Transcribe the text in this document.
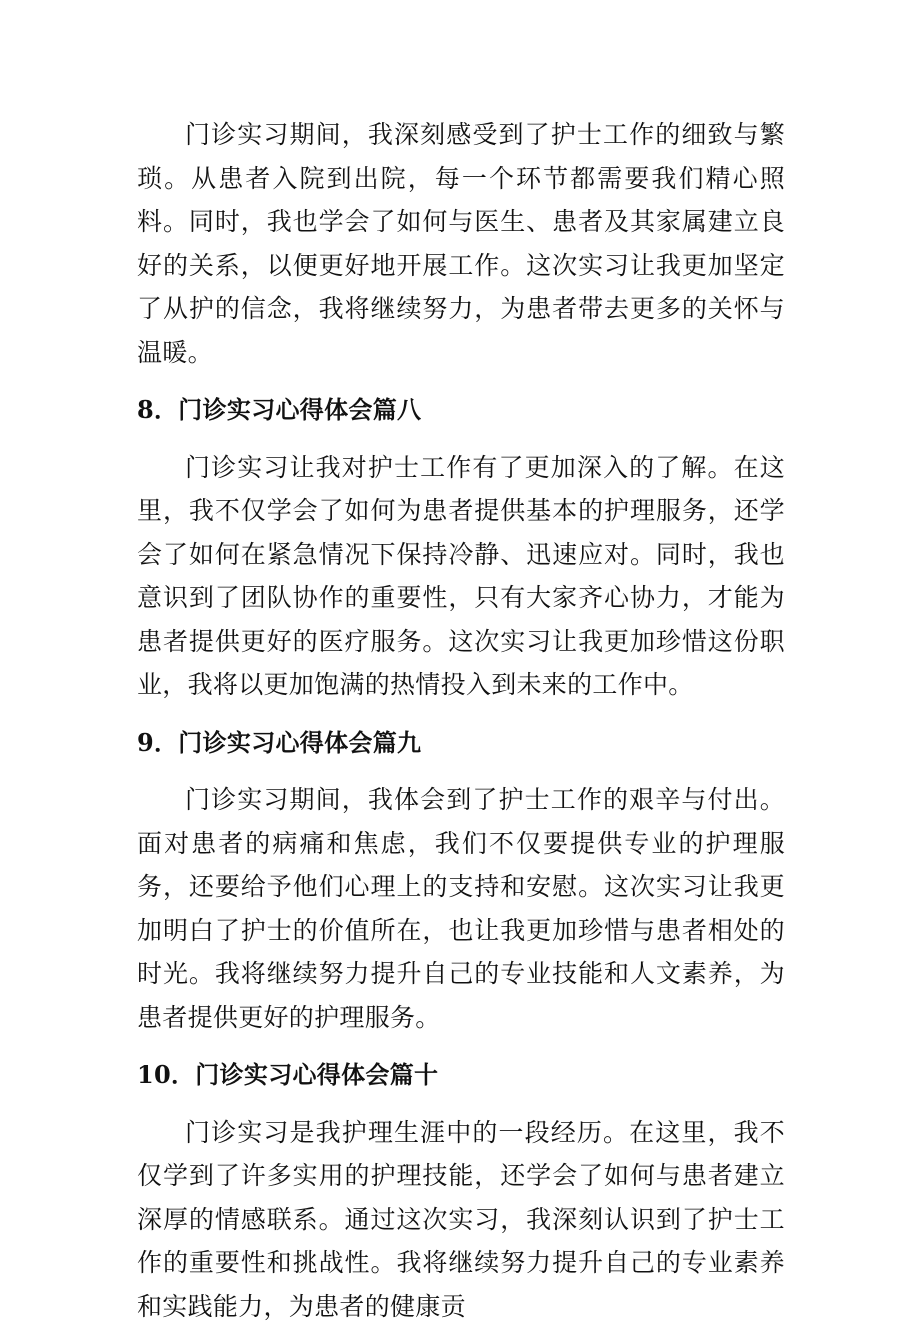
门诊实习期间，我深刻感受到了护士工作的细致与繁琐。从患者入院到出院，每一个环节都需要我们精心照料。同时，我也学会了如何与医生、患者及其家属建立良好的关系，以便更好地开展工作。这次实习让我更加坚定了从护的信念，我将继续努力，为患者带去更多的关怀与温暖。

8．门诊实习心得体会篇八

门诊实习让我对护士工作有了更加深入的了解。在这里，我不仅学会了如何为患者提供基本的护理服务，还学会了如何在紧急情况下保持冷静、迅速应对。同时，我也意识到了团队协作的重要性，只有大家齐心协力，才能为患者提供更好的医疗服务。这次实习让我更加珍惜这份职业，我将以更加饱满的热情投入到未来的工作中。

9．门诊实习心得体会篇九

门诊实习期间，我体会到了护士工作的艰辛与付出。面对患者的病痛和焦虑，我们不仅要提供专业的护理服务，还要给予他们心理上的支持和安慰。这次实习让我更加明白了护士的价值所在，也让我更加珍惜与患者相处的时光。我将继续努力提升自己的专业技能和人文素养，为患者提供更好的护理服务。

10．门诊实习心得体会篇十

门诊实习是我护理生涯中的一段经历。在这里，我不仅学到了许多实用的护理技能，还学会了如何与患者建立深厚的情感联系。通过这次实习，我深刻认识到了护士工作的重要性和挑战性。我将继续努力提升自己的专业素养和实践能力，为患者的健康贡
